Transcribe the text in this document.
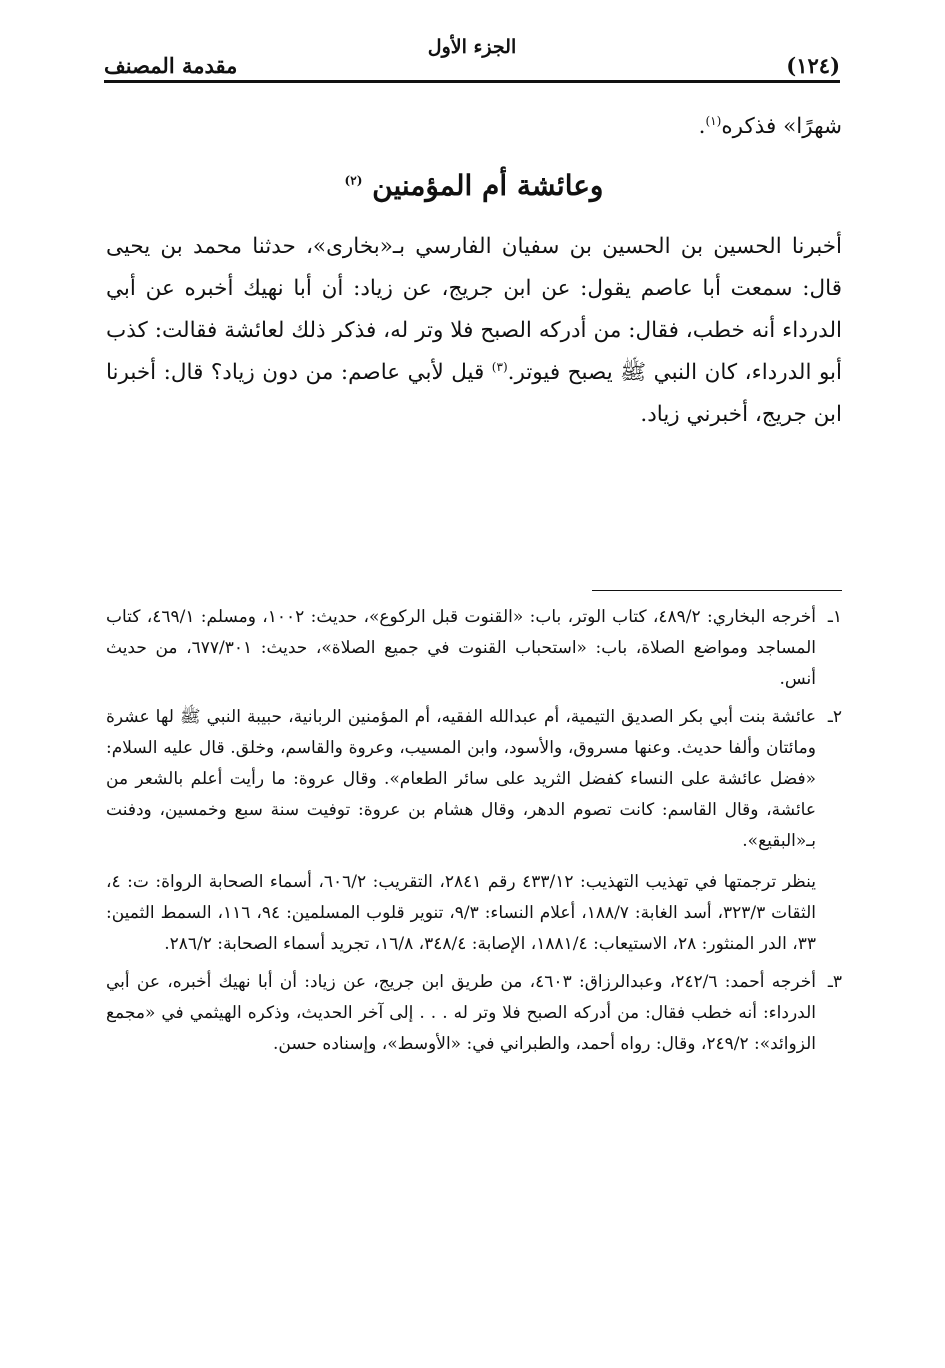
(١٢٤)
الجزء الأول
مقدمة المصنف

شهرًا» فذكره$^{(١)}$.

وعائشة أم المؤمنين $^{(٢)}$

أخبرنا الحسين بن الحسين بن سفيان الفارسي بـ«بخارى»، حدثنا محمد بن يحيى قال: سمعت أبا عاصم يقول: عن ابن جريج، عن زياد: أن أبا نهيك أخبره عن أبي الدرداء أنه خطب، فقال: من أدركه الصبح فلا وتر له، فذكر ذلك لعائشة فقالت: كذب أبو الدرداء، كان النبي ﷺ يصبح فيوتر.$^{(٣)}$ قيل لأبي عاصم: من دون زياد؟ قال: أخبرنا ابن جريج، أخبرني زياد.

١ـ

أخرجه البخاري: ٤٨٩/٢، كتاب الوتر، باب: «القنوت قبل الركوع»، حديث: ١٠٠٢، ومسلم: ٤٦٩/١، كتاب المساجد ومواضع الصلاة، باب: «استحباب القنوت في جميع الصلاة»، حديث: ٦٧٧/٣٠١، من حديث أنس.

٢ـ

عائشة بنت أبي بكر الصديق التيمية، أم عبدالله الفقيه، أم المؤمنين الربانية، حبيبة النبي ﷺ لها عشرة ومائتان وألفا حديث. وعنها مسروق، والأسود، وابن المسيب، وعروة والقاسم، وخلق. قال عليه السلام: «فضل عائشة على النساء كفضل الثريد على سائر الطعام». وقال عروة: ما رأيت أعلم بالشعر من عائشة، وقال القاسم: كانت تصوم الدهر، وقال هشام بن عروة: توفيت سنة سبع وخمسين، ودفنت بـ«البقيع».

ينظر ترجمتها في تهذيب التهذيب: ٤٣٣/١٢ رقم ٢٨٤١، التقريب: ٦٠٦/٢، أسماء الصحابة الرواة: ت: ٤، الثقات ٣٢٣/٣، أسد الغابة: ١٨٨/٧، أعلام النساء: ٩/٣، تنوير قلوب المسلمين: ٩٤، ١١٦، السمط الثمين: ٣٣، الدر المنثور: ٢٨، الاستيعاب: ١٨٨١/٤، الإصابة: ٣٤٨/٤، ١٦/٨، تجريد أسماء الصحابة: ٢٨٦/٢.

٣ـ

أخرجه أحمد: ٢٤٢/٦، وعبدالرزاق: ٤٦٠٣، من طريق ابن جريج، عن زياد: أن أبا نهيك أخبره، عن أبي الدرداء: أنه خطب فقال: من أدركه الصبح فلا وتر له . . . إلى آخر الحديث، وذكره الهيثمي في «مجمع الزوائد»: ٢٤٩/٢، وقال: رواه أحمد، والطبراني في: «الأوسط»، وإسناده حسن.
